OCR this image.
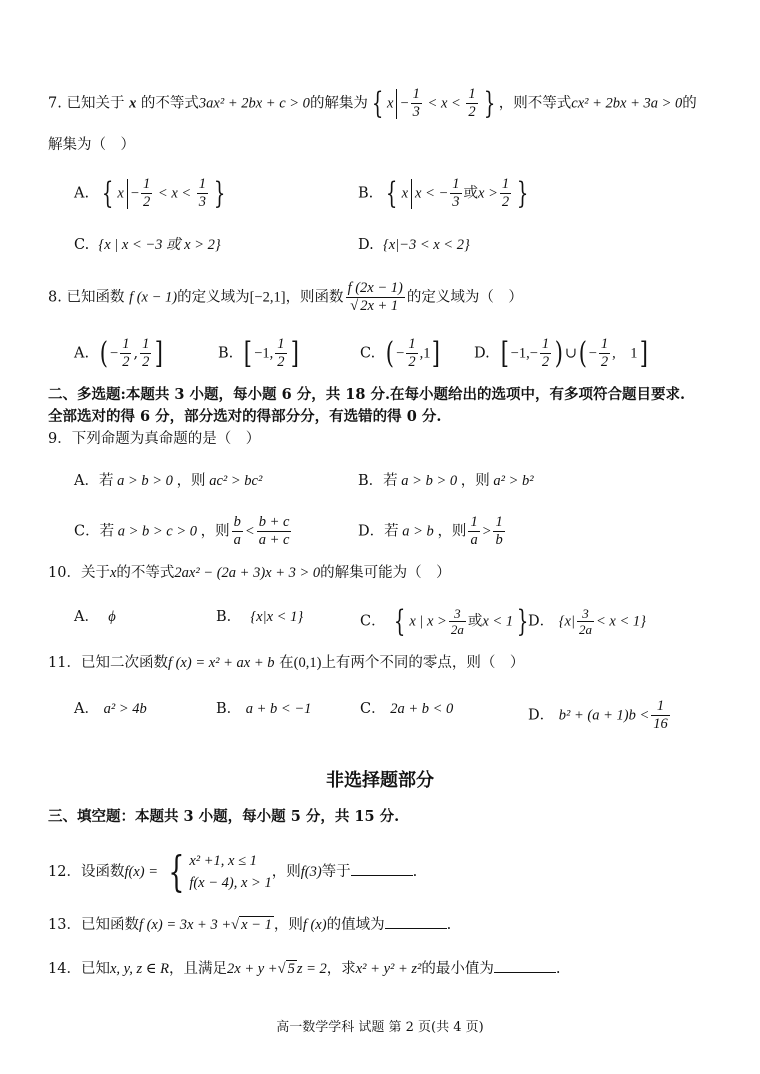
7. 已知关于 x 的不等式3ax² + 2bx + c > 0的解集为 { $x - \frac{1}{3} < x < \frac{1}{2}$ } ，则不等式cx² + 2bx + 3a > 0的
解集为（　）
A. { $x - \frac{1}{2} < x < \frac{1}{3}$ }	B. { x x < − $\frac{1}{3}$ 或$x > \frac{1}{2}$ }
C. {x | x < −3 或 x > 2}	D. {x|−3 < x < 2}
8. 已知函数 f (x − 1)的定义域为[−2,1]，则函数 $\frac{f (2x - 1)}{√ 2x + 1}$ 的定义域为（　）
A. ( − $\frac{1}{2}$ , $\frac{1}{2}$ ]	B. [ −1, $\frac{1}{2}$ ]	C. ( − $\frac{1}{2} ,1$] D. [ $-1,- \frac{1}{2}$ ) ∪( − $\frac{1}{2}$ ,　1]
二、多选题:本题共 3 小题，每小题 6 分，共 18 分.在每小题给出的选项中，有多项符合题目要求.
全部选对的得 6 分，部分选对的得部分分，有选错的得 0 分.
9．下列命题为真命题的是（　）
A．若 a > b > 0 ，则 ac² > bc²	B．若 a > b > 0 ，则 a² > b²
C．若 a > b > c > 0 ，则 $\frac{b}{a} < \frac{b + c}{a + c}$	D．若 a > b ，则 $\frac{1}{a} > \frac{1}{b}$
10．关于x的不等式2ax² − (2a + 3)x + 3 > 0的解集可能为（　）
A． ϕ	B． {x|x < 1}	C． { x | $x > \frac{3}{2a}$ 或x < 1 } D． $\{x| \frac{3}{2a} < x < 1\}$
11．已知二次函数f (x) = x² + ax + b 在(0,1)上有两个不同的零点，则（　）
A． a² > 4b	B． a + b < −1	C． 2a + b < 0	D． $b^2 + (a + 1)b < \frac{1}{16}$
非选择题部分
三、填空题：本题共 3 小题，每小题 5 分，共 15 分.
12．设函数f(x) = { x² +1, x ≤ 1
f(x − 4), x > 1
，则f(3)等于	.
13．已知函数f (x) = 3x + 3 +√ x − 1 ，则f (x)的值域为	.
14．已知x, y, z ∈ R，且满足2x + y +√ 5 z = 2，求x² + y² + z²的最小值为	.
高一数学学科 试题 第 2 页(共 4 页)
